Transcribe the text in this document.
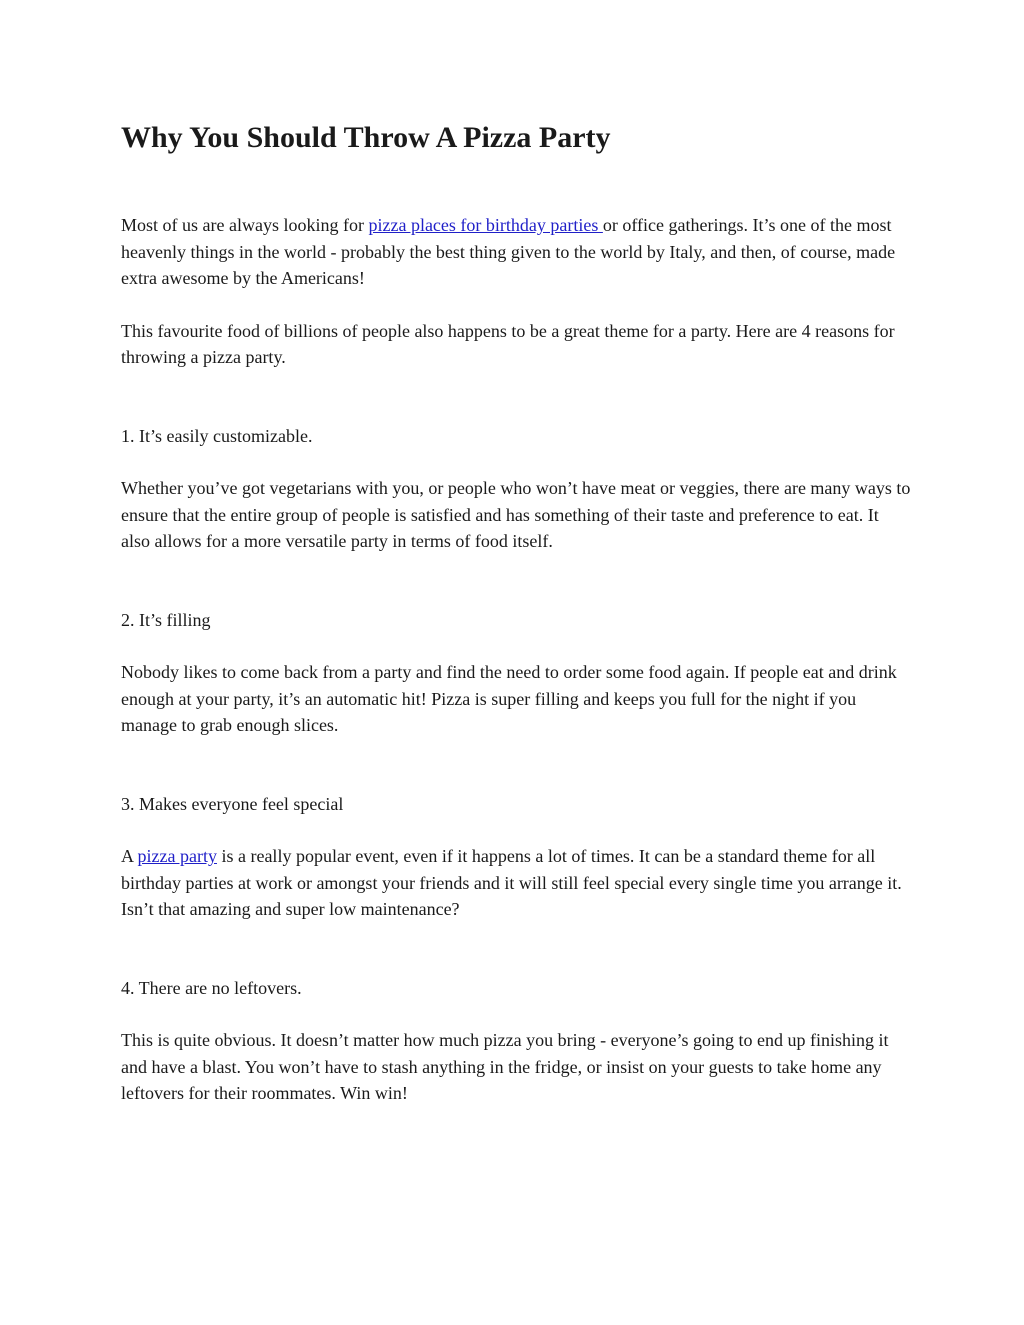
Why You Should Throw A Pizza Party

Most of us are always looking for pizza places for birthday parties or office gatherings. It’s one of the most heavenly things in the world - probably the best thing given to the world by Italy, and then, of course, made extra awesome by the Americans!

This favourite food of billions of people also happens to be a great theme for a party. Here are 4 reasons for throwing a pizza party.

1. It’s easily customizable.

Whether you’ve got vegetarians with you, or people who won’t have meat or veggies, there are many ways to ensure that the entire group of people is satisfied and has something of their taste and preference to eat. It also allows for a more versatile party in terms of food itself.

2. It’s filling

Nobody likes to come back from a party and find the need to order some food again. If people eat and drink enough at your party, it’s an automatic hit! Pizza is super filling and keeps you full for the night if you manage to grab enough slices.

3. Makes everyone feel special

A pizza party is a really popular event, even if it happens a lot of times. It can be a standard theme for all birthday parties at work or amongst your friends and it will still feel special every single time you arrange it. Isn’t that amazing and super low maintenance?

4. There are no leftovers.

This is quite obvious. It doesn’t matter how much pizza you bring - everyone’s going to end up finishing it and have a blast. You won’t have to stash anything in the fridge, or insist on your guests to take home any leftovers for their roommates. Win win!
